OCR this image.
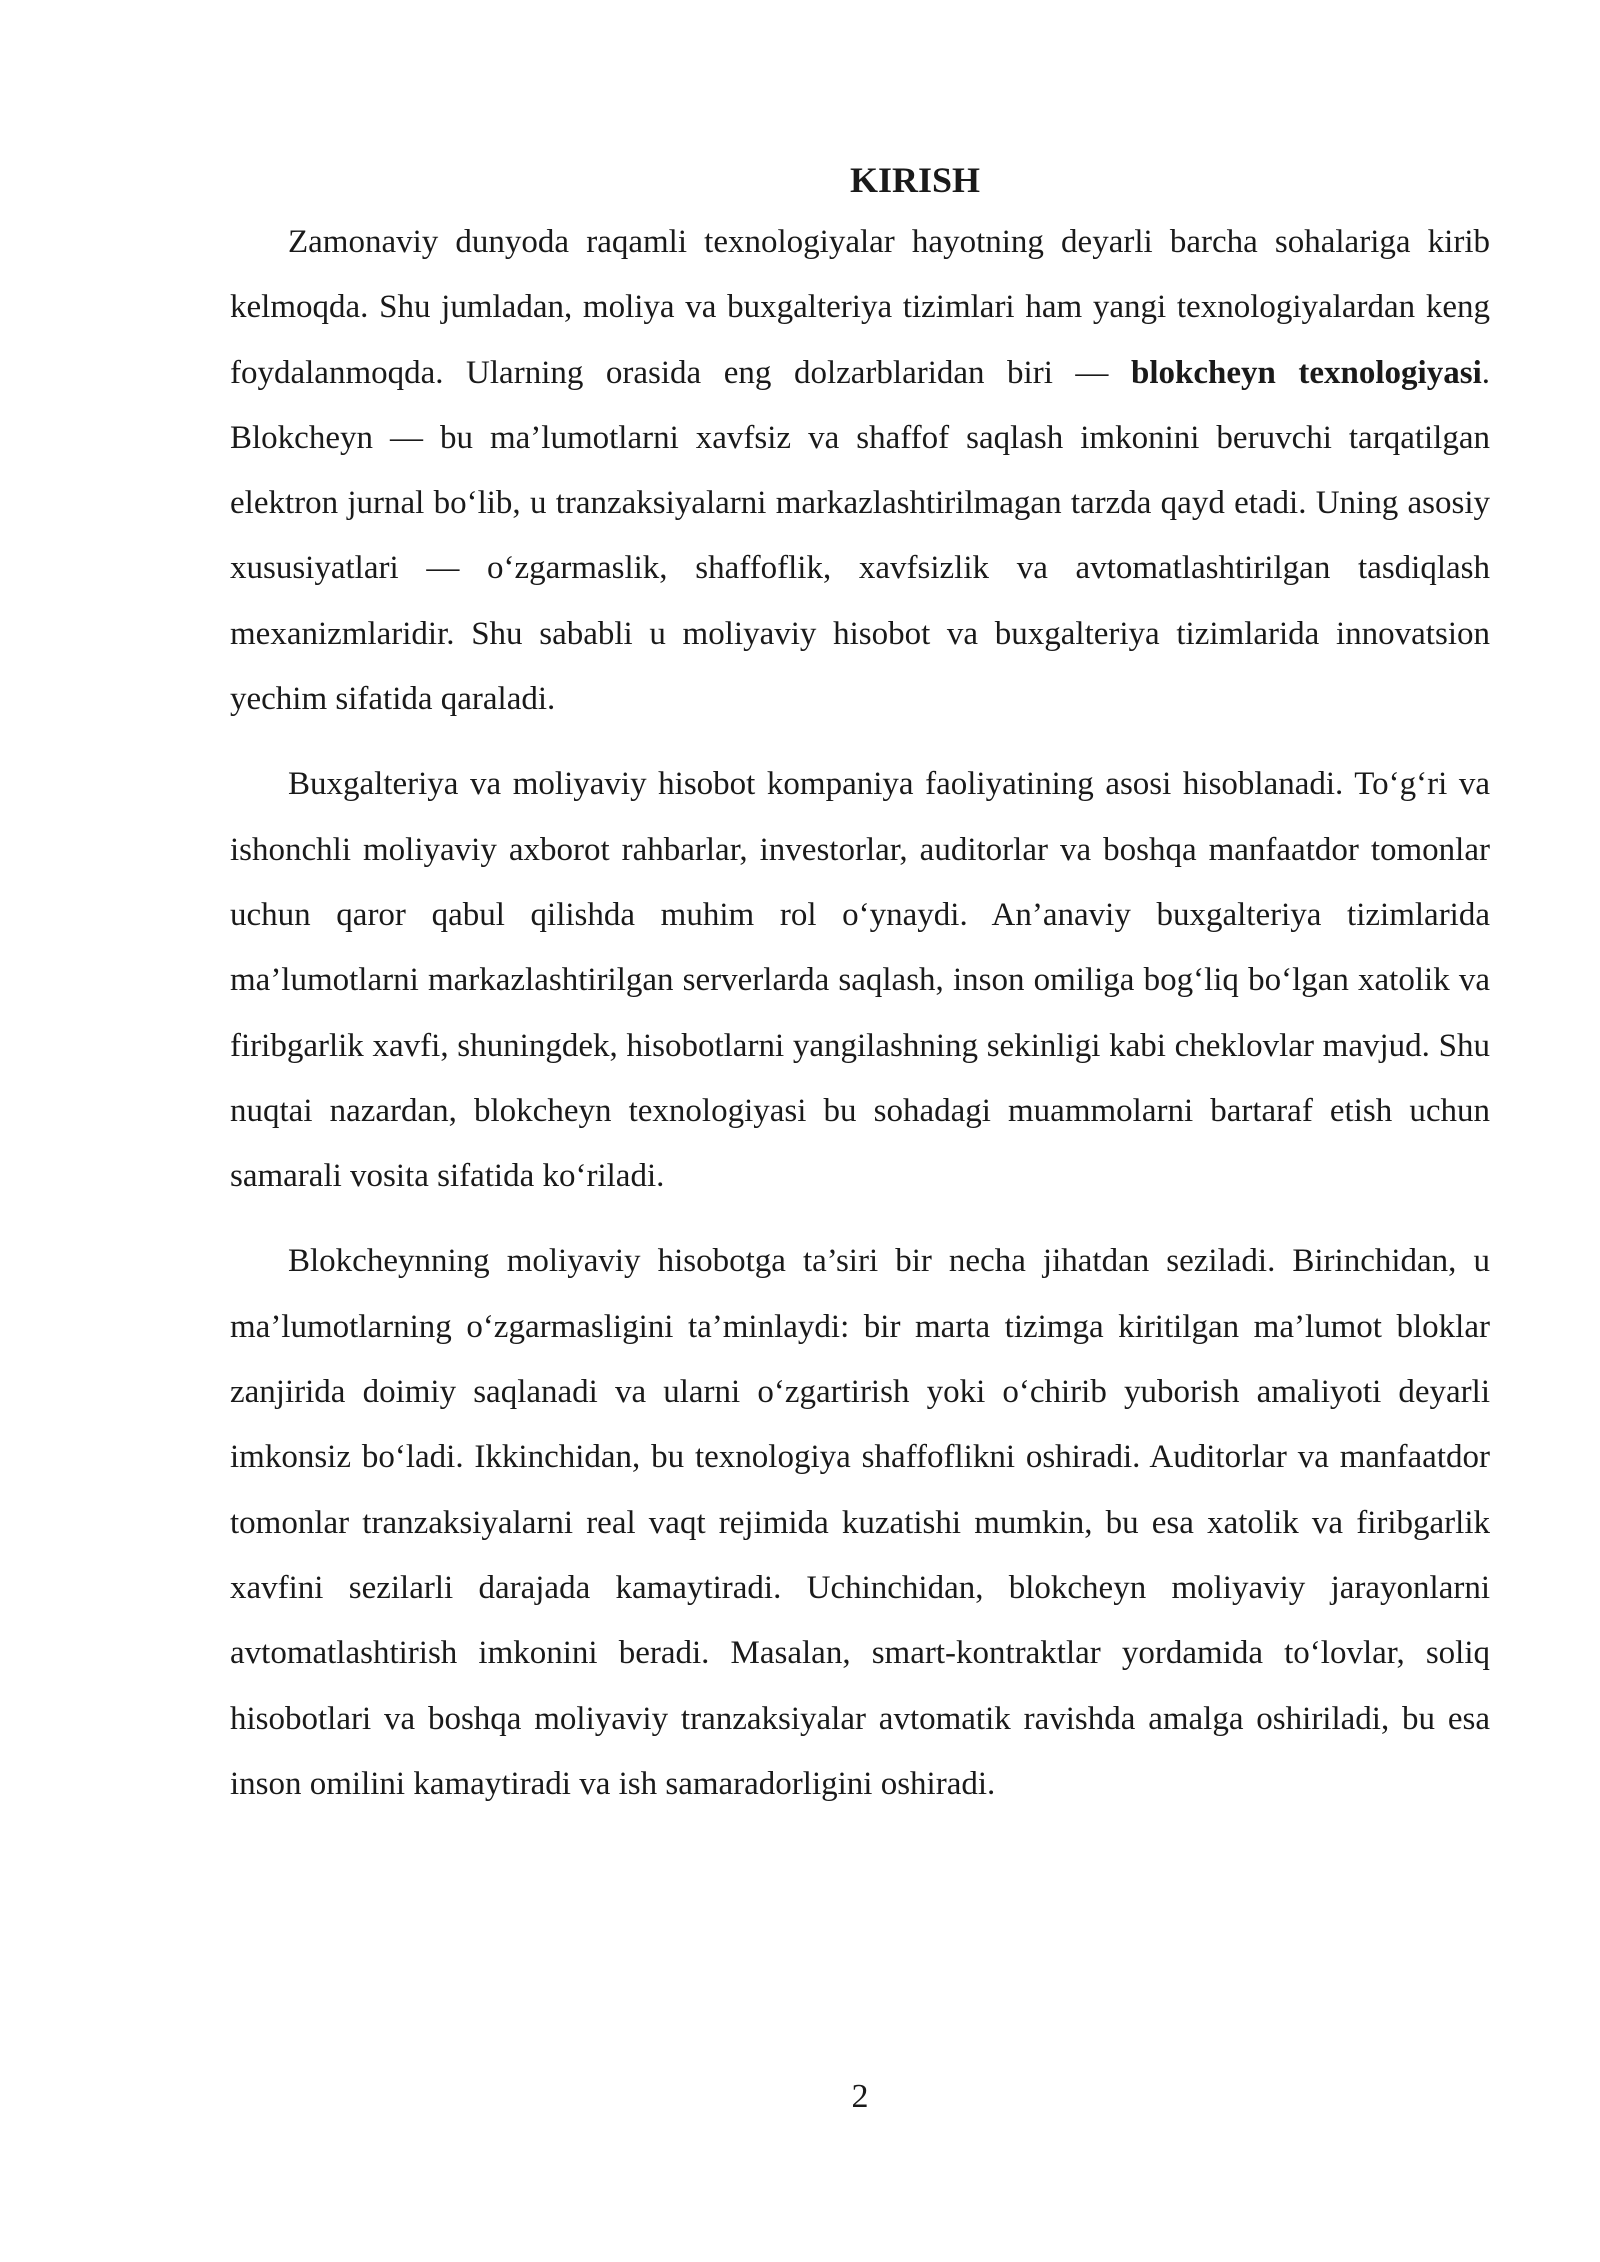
KIRISH

Zamonaviy dunyoda raqamli texnologiyalar hayotning deyarli barcha sohalariga kirib kelmoqda. Shu jumladan, moliya va buxgalteriya tizimlari ham yangi texnologiyalardan keng foydalanmoqda. Ularning orasida eng dolzarblaridan biri — blokcheyn texnologiyasi. Blokcheyn — bu ma’lumotlarni xavfsiz va shaffof saqlash imkonini beruvchi tarqatilgan elektron jurnal bo‘lib, u tranzaksiyalarni markazlashtirilmagan tarzda qayd etadi. Uning asosiy xususiyatlari — o‘zgarmaslik, shaffoflik, xavfsizlik va avtomatlashtirilgan tasdiqlash mexanizmlaridir. Shu sababli u moliyaviy hisobot va buxgalteriya tizimlarida innovatsion yechim sifatida qaraladi.

Buxgalteriya va moliyaviy hisobot kompaniya faoliyatining asosi hisoblanadi. To‘g‘ri va ishonchli moliyaviy axborot rahbarlar, investorlar, auditorlar va boshqa manfaatdor tomonlar uchun qaror qabul qilishda muhim rol o‘ynaydi. An’anaviy buxgalteriya tizimlarida ma’lumotlarni markazlashtirilgan serverlarda saqlash, inson omiliga bog‘liq bo‘lgan xatolik va firibgarlik xavfi, shuningdek, hisobotlarni yangilashning sekinligi kabi cheklovlar mavjud. Shu nuqtai nazardan, blokcheyn texnologiyasi bu sohadagi muammolarni bartaraf etish uchun samarali vosita sifatida ko‘riladi.

Blokcheynning moliyaviy hisobotga ta’siri bir necha jihatdan seziladi. Birinchidan, u ma’lumotlarning o‘zgarmasligini ta’minlaydi: bir marta tizimga kiritilgan ma’lumot bloklar zanjirida doimiy saqlanadi va ularni o‘zgartirish yoki o‘chirib yuborish amaliyoti deyarli imkonsiz bo‘ladi. Ikkinchidan, bu texnologiya shaffoflikni oshiradi. Auditorlar va manfaatdor tomonlar tranzaksiyalarni real vaqt rejimida kuzatishi mumkin, bu esa xatolik va firibgarlik xavfini sezilarli darajada kamaytiradi. Uchinchidan, blokcheyn moliyaviy jarayonlarni avtomatlashtirish imkonini beradi. Masalan, smart-kontraktlar yordamida to‘lovlar, soliq hisobotlari va boshqa moliyaviy tranzaksiyalar avtomatik ravishda amalga oshiriladi, bu esa inson omilini kamaytiradi va ish samaradorligini oshiradi.

2
